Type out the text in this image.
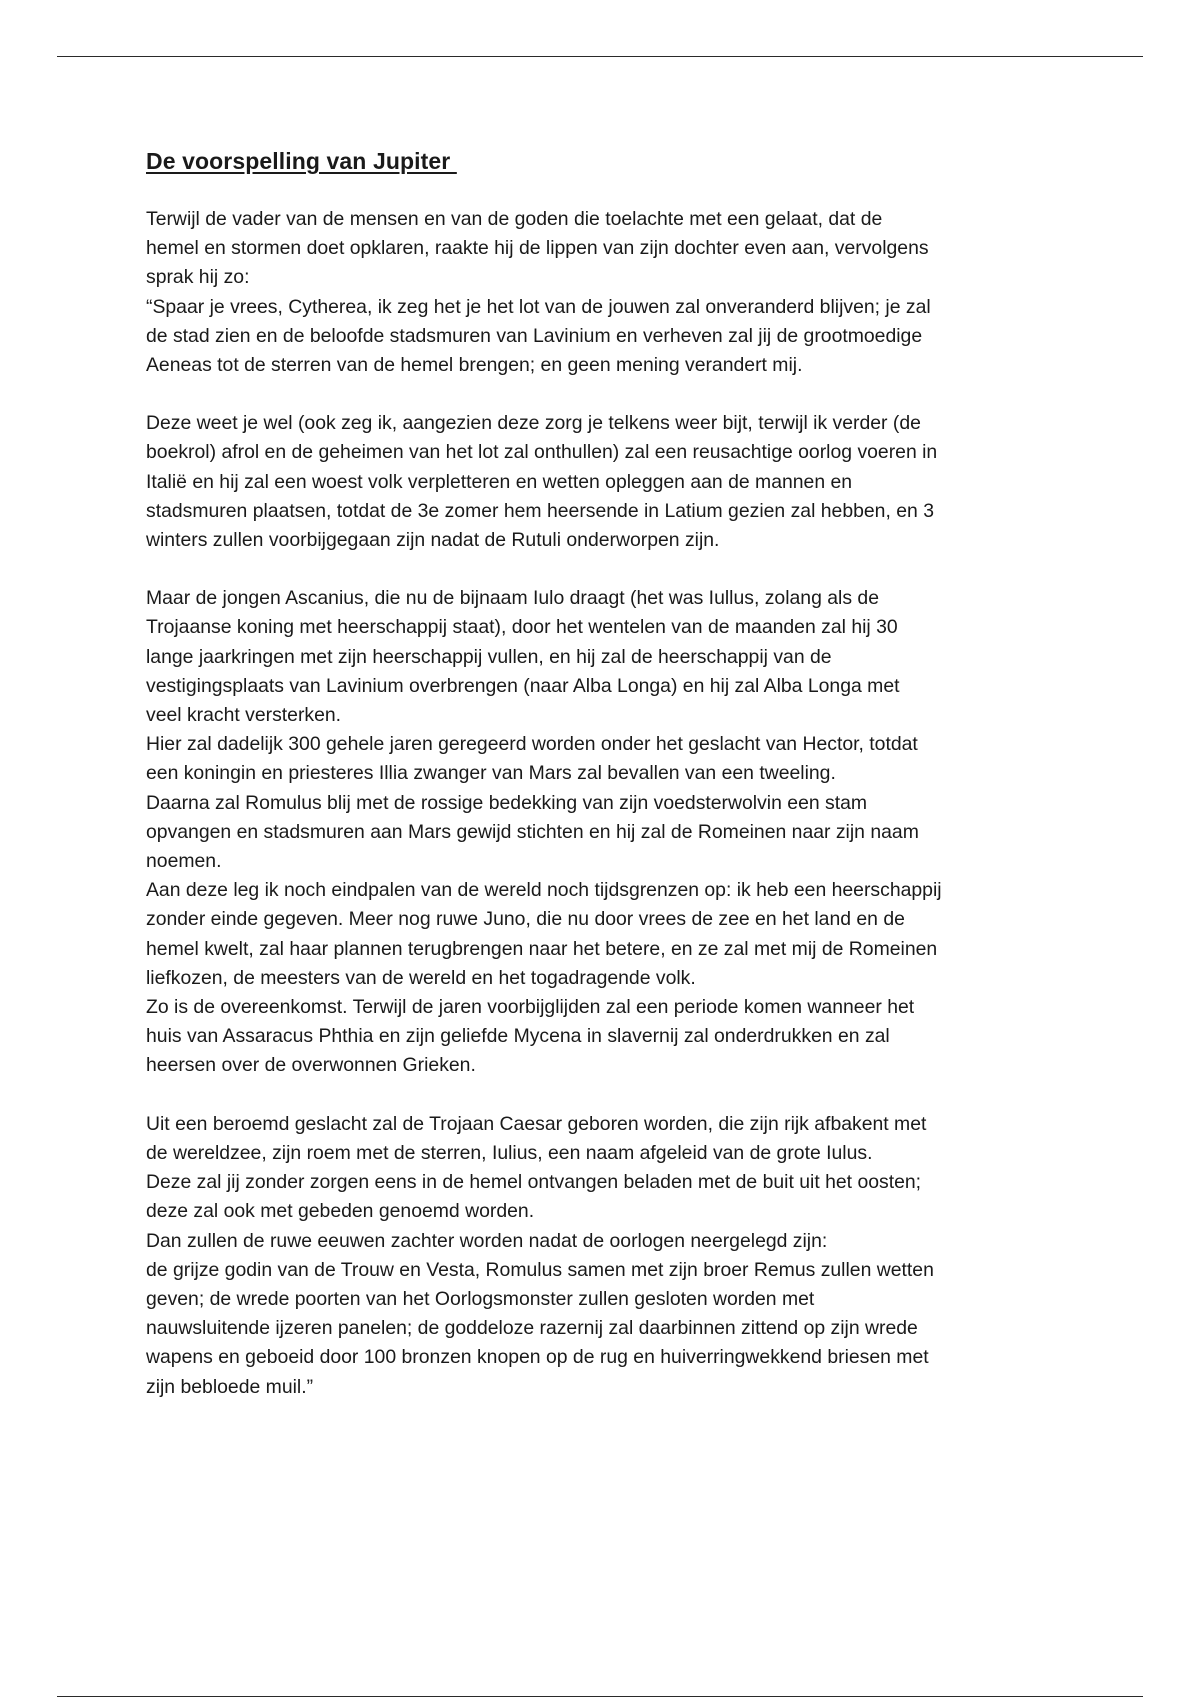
De voorspelling van Jupiter
Terwijl de vader van de mensen en van de goden die toelachte met een gelaat, dat de
hemel en stormen doet opklaren, raakte hij de lippen van zijn dochter even aan, vervolgens
sprak hij zo:
“Spaar je vrees, Cytherea, ik zeg het je het lot van de jouwen zal onveranderd blijven; je zal
de stad zien en de beloofde stadsmuren van Lavinium en verheven zal jij de grootmoedige
Aeneas tot de sterren van de hemel brengen; en geen mening verandert mij.
Deze weet je wel (ook zeg ik, aangezien deze zorg je telkens weer bijt, terwijl ik verder (de
boekrol) afrol en de geheimen van het lot zal onthullen) zal een reusachtige oorlog voeren in
Italië en hij zal een woest volk verpletteren en wetten opleggen aan de mannen en
stadsmuren plaatsen, totdat de 3e zomer hem heersende in Latium gezien zal hebben, en 3
winters zullen voorbijgegaan zijn nadat de Rutuli onderworpen zijn.
Maar de jongen Ascanius, die nu de bijnaam Iulo draagt (het was Iullus, zolang als de
Trojaanse koning met heerschappij staat), door het wentelen van de maanden zal hij 30
lange jaarkringen met zijn heerschappij vullen, en hij zal de heerschappij van de
vestigingsplaats van Lavinium overbrengen (naar Alba Longa) en hij zal Alba Longa met
veel kracht versterken.
Hier zal dadelijk 300 gehele jaren geregeerd worden onder het geslacht van Hector, totdat
een koningin en priesteres Illia zwanger van Mars zal bevallen van een tweeling.
Daarna zal Romulus blij met de rossige bedekking van zijn voedsterwolvin een stam
opvangen en stadsmuren aan Mars gewijd stichten en hij zal de Romeinen naar zijn naam
noemen.
Aan deze leg ik noch eindpalen van de wereld noch tijdsgrenzen op: ik heb een heerschappij
zonder einde gegeven. Meer nog ruwe Juno, die nu door vrees de zee en het land en de
hemel kwelt, zal haar plannen terugbrengen naar het betere, en ze zal met mij de Romeinen
liefkozen, de meesters van de wereld en het togadragende volk.
Zo is de overeenkomst. Terwijl de jaren voorbijglijden zal een periode komen wanneer het
huis van Assaracus Phthia en zijn geliefde Mycena in slavernij zal onderdrukken en zal
heersen over de overwonnen Grieken.
Uit een beroemd geslacht zal de Trojaan Caesar geboren worden, die zijn rijk afbakent met
de wereldzee, zijn roem met de sterren, Iulius, een naam afgeleid van de grote Iulus.
Deze zal jij zonder zorgen eens in de hemel ontvangen beladen met de buit uit het oosten;
deze zal ook met gebeden genoemd worden.
Dan zullen de ruwe eeuwen zachter worden nadat de oorlogen neergelegd zijn:
de grijze godin van de Trouw en Vesta, Romulus samen met zijn broer Remus zullen wetten
geven; de wrede poorten van het Oorlogsmonster zullen gesloten worden met
nauwsluitende ijzeren panelen; de goddeloze razernij zal daarbinnen zittend op zijn wrede
wapens en geboeid door 100 bronzen knopen op de rug en huiverringwekkend briesen met
zijn bebloede muil.”
